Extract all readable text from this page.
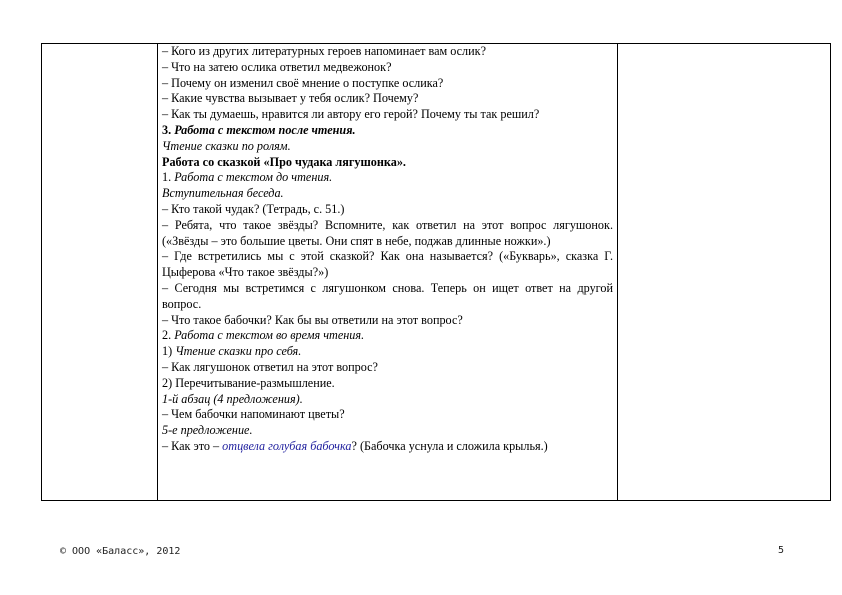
– Кого из других литературных героев напоминает вам ослик?
– Что на затею ослика ответил медвежонок?
– Почему он изменил своё мнение о поступке ослика?
– Какие чувства вызывает у тебя ослик? Почему?
– Как ты думаешь, нравится ли автору его герой? Почему ты так решил?
3. Работа с текстом после чтения.
Чтение сказки по ролям.
Работа со сказкой «Про чудака лягушонка».
1. Работа с текстом до чтения.
Вступительная беседа.
– Кто такой чудак? (Тетрадь, с. 51.)
– Ребята, что такое звёзды? Вспомните, как ответил на этот вопрос лягушонок. («Звёзды – это большие цветы. Они спят в небе, поджав длинные ножки».)
– Где встретились мы с этой сказкой? Как она называется? («Букварь», сказка Г. Цыферова «Что такое звёзды?»)
– Сегодня мы встретимся с лягушонком снова. Теперь он ищет ответ на другой вопрос.
– Что такое бабочки? Как бы вы ответили на этот вопрос?
2. Работа с текстом во время чтения.
1) Чтение сказки про себя.
– Как лягушонок ответил на этот вопрос?
2) Перечитывание-размышление.
1-й абзац (4 предложения).
– Чем бабочки напоминают цветы?
5-е предложение.
– Как это – отцвела голубая бабочка? (Бабочка уснула и сложила крылья.)
© ООО «Баласс», 2012	5
